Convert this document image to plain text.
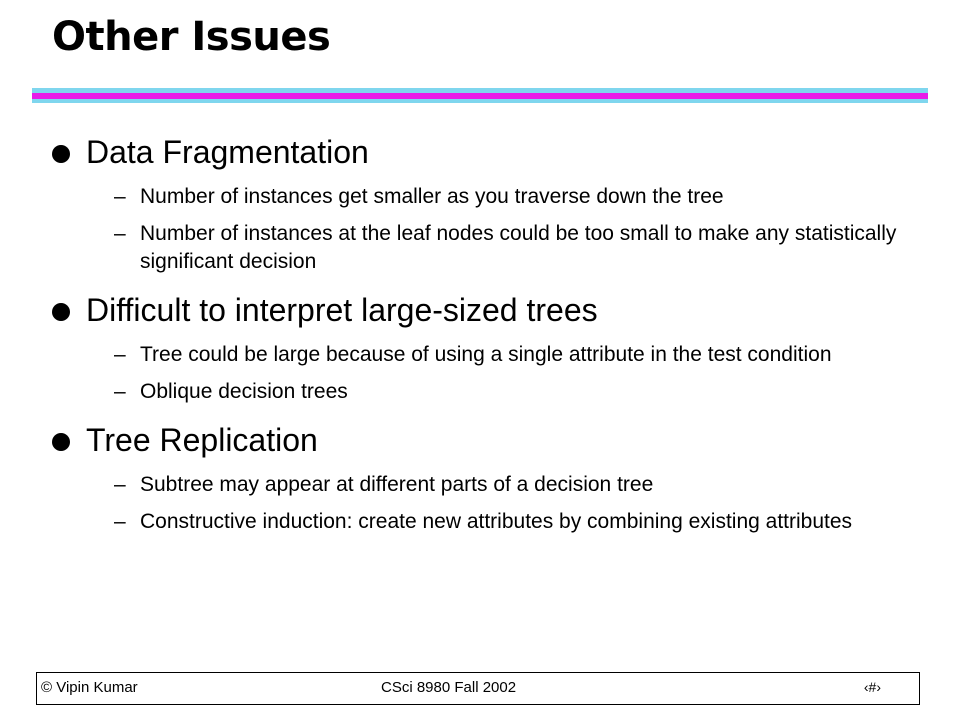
Other Issues
Data Fragmentation
– Number of instances get smaller as you traverse down the tree
– Number of instances at the leaf nodes could be too small to make any statistically significant decision
Difficult to interpret large-sized trees
– Tree could be large because of using a single attribute in the test condition
– Oblique decision trees
Tree Replication
– Subtree may appear at different parts of a decision tree
– Constructive induction: create new attributes by combining existing attributes
© Vipin Kumar	CSci 8980 Fall 2002	‹#›
